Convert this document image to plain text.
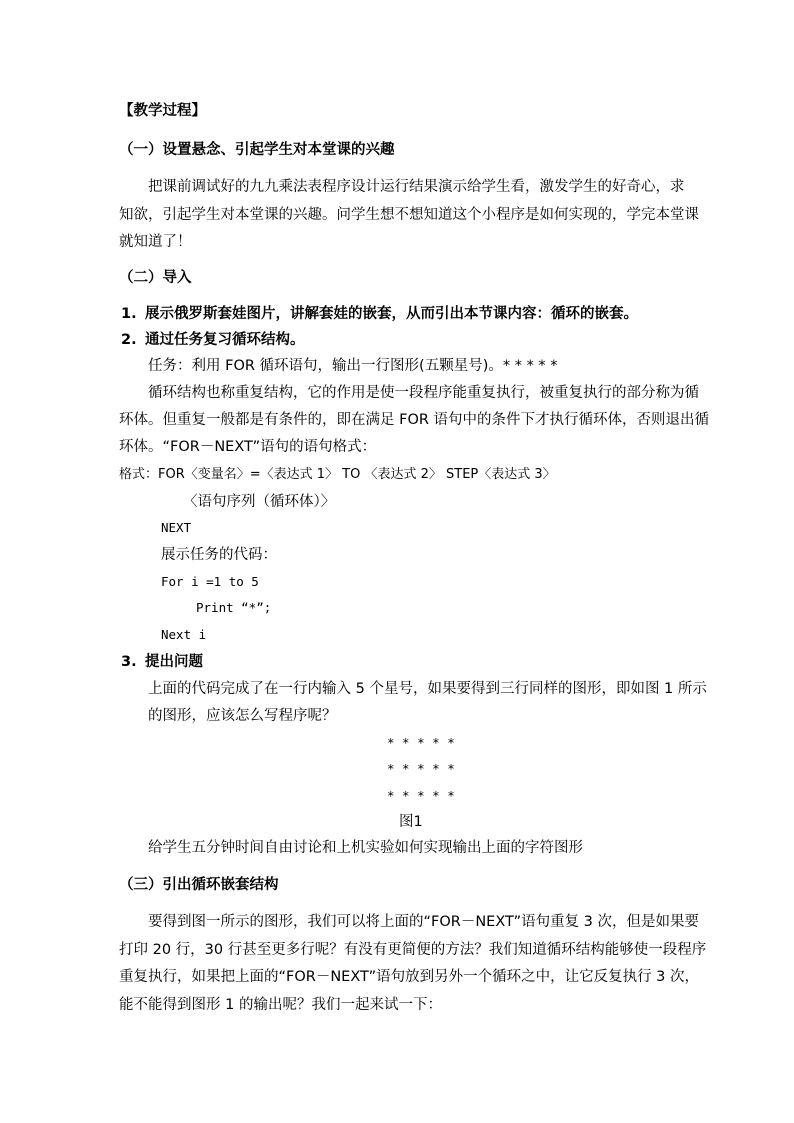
【教学过程】
（一）设置悬念、引起学生对本堂课的兴趣
把课前调试好的九九乘法表程序设计运行结果演示给学生看，激发学生的好奇心，求
知欲，引起学生对本堂课的兴趣。问学生想不想知道这个小程序是如何实现的，学完本堂课
就知道了！
（二）导入
1. 展示俄罗斯套娃图片，讲解套娃的嵌套，从而引出本节课内容：循环的嵌套。
2. 通过任务复习循环结构。
任务：利用 FOR 循环语句，输出一行图形(五颗星号)。* * * * *
循环结构也称重复结构，它的作用是使一段程序能重复执行，被重复执行的部分称为循
环体。但重复一般都是有条件的，即在满足 FOR 语句中的条件下才执行循环体，否则退出循
环体。“FOR－NEXT”语句的语句格式：
格式：FOR〈变量名〉=〈表达式 1〉 TO 〈表达式 2〉 STEP〈表达式 3〉
〈语句序列（循环体）〉
NEXT
展示任务的代码：
For i =1 to 5
Print “*”;
Next i
3. 提出问题
上面的代码完成了在一行内输入 5 个星号，如果要得到三行同样的图形，即如图 1 所示
的图形，应该怎么写程序呢？
* * * * *
* * * * *
* * * * *
图1
给学生五分钟时间自由讨论和上机实验如何实现输出上面的字符图形
（三）引出循环嵌套结构
要得到图一所示的图形，我们可以将上面的“FOR－NEXT”语句重复 3 次，但是如果要
打印 20 行，30 行甚至更多行呢？有没有更简便的方法？我们知道循环结构能够使一段程序
重复执行，如果把上面的“FOR－NEXT”语句放到另外一个循环之中，让它反复执行 3 次，
能不能得到图形 1 的输出呢？我们一起来试一下：
